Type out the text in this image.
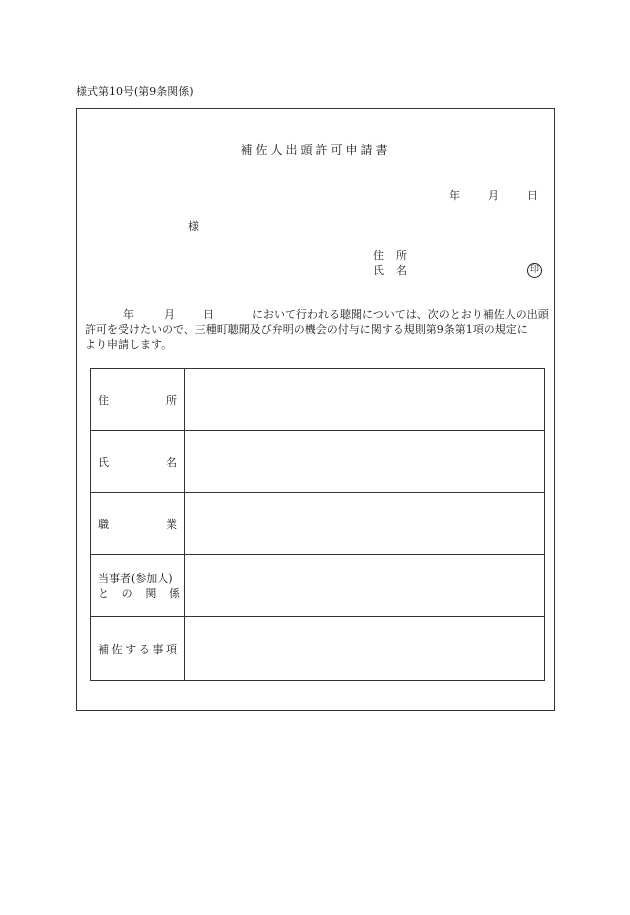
様式第10号(第9条関係)
補佐人出頭許可申請書
年	月	日
様
住 所
氏 名	印
年	月	日	において行われる聴聞については、次のとおり補佐人の出頭
許可を受けたいので、三種町聴聞及び弁明の機会の付与に関する規則第9条第1項の規定に
より申請します。
住	所
氏	名
職	業
当事者(参加人)
と の 関 係
補 佐 す る 事 項
